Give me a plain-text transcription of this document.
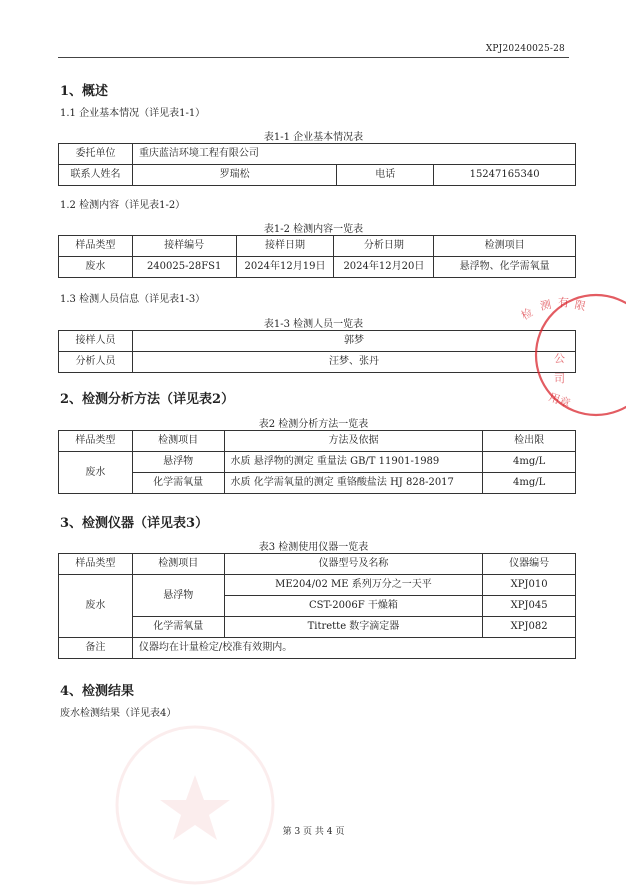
XPJ20240025-28
1、概述
1.1 企业基本情况（详见表1-1）
表1-1 企业基本情况表
委托单位	重庆蓝洁环境工程有限公司		
联系人姓名	罗瑞松	电话	15247165340
1.2 检测内容（详见表1-2）
表1-2 检测内容一览表
样品类型	接样编号	接样日期	分析日期	检测项目
废水	240025-28FS1	2024年12月19日	2024年12月20日	悬浮物、化学需氧量
1.3 检测人员信息（详见表1-3）
表1-3 检测人员一览表
接样人员	郭梦
分析人员	汪梦、张丹
2、检测分析方法（详见表2）
表2 检测分析方法一览表
样品类型	检测项目	方法及依据	检出限
废水	悬浮物	水质 悬浮物的测定 重量法 GB/T 11901-1989	4mg/L
	化学需氧量	水质 化学需氧量的测定 重铬酸盐法 HJ 828-2017	4mg/L
3、检测仪器（详见表3）
表3 检测使用仪器一览表
样品类型	检测项目	仪器型号及名称	仪器编号
废水	悬浮物	ME204/02 ME 系列万分之一天平	XPJ010
		CST-2006F 干燥箱	XPJ045
	化学需氧量	Titrette 数字滴定器	XPJ082
备注	仪器均在计量检定/校准有效期内。		
4、检测结果
废水检测结果（详见表4）
检
测 有 限
公
司
用章
第 3 页 共 4 页
